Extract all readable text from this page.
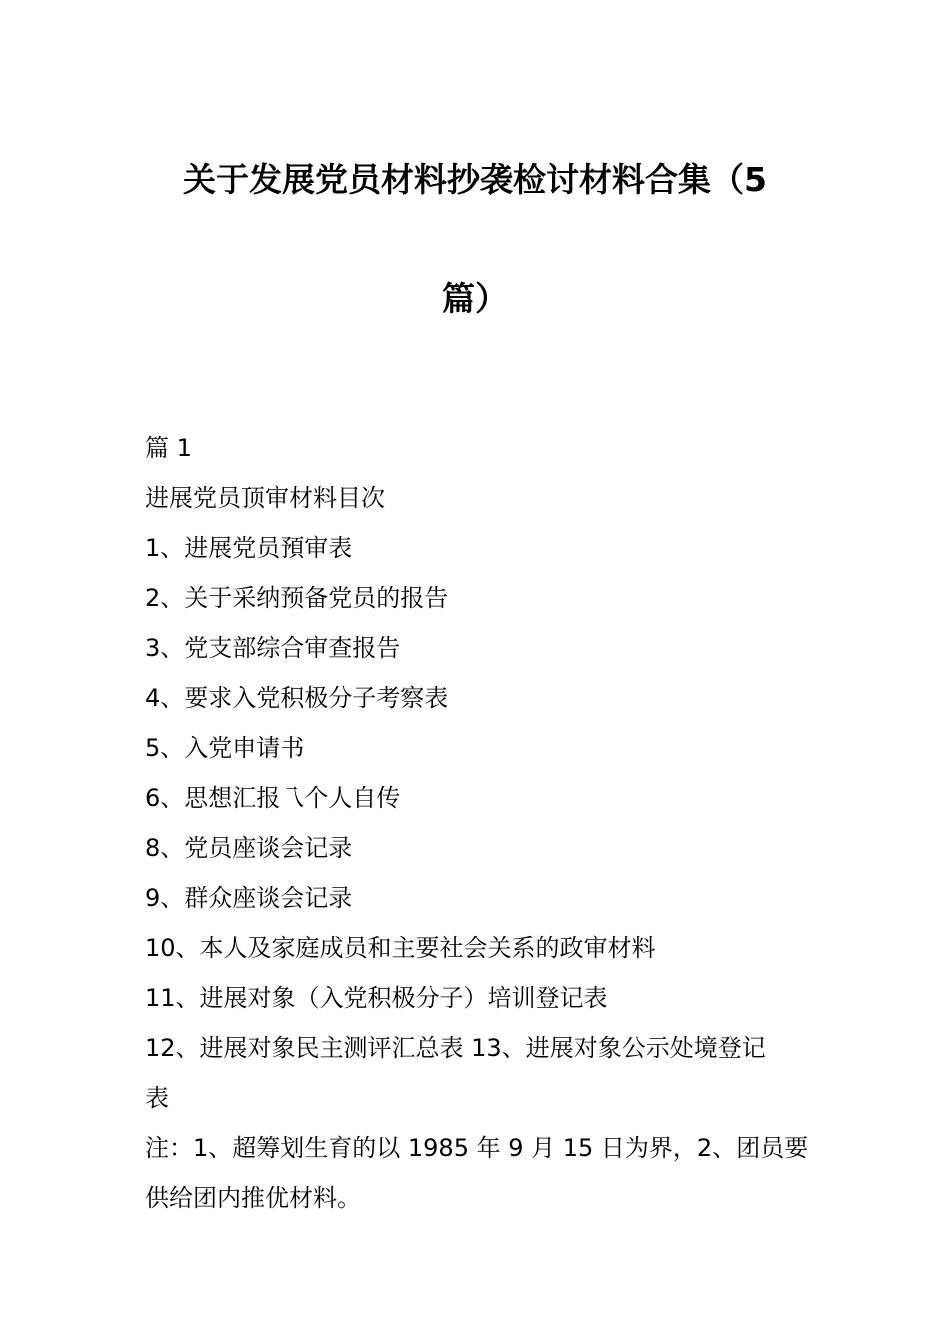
关于发展党员材料抄袭检讨材料合集（5
篇）

篇 1

进展党员顶审材料目次

1、进展党员預审表

2、关于采纳预备党员的报告

3、党支部综合审查报告

4、要求入党积极分子考察表

5、入党申请书

6、思想汇报乁个人自传

8、党员座谈会记录

9、群众座谈会记录

10、本人及家庭成员和主要社会关系的政审材料

11、进展对象（入党积极分子）培训登记表

12、进展对象民主测评汇总表 13、进展对象公示处境登记

表

注：1、超筹划生育的以 1985 年 9 月 15 日为界，2、团员要

供给团内推优材料。
